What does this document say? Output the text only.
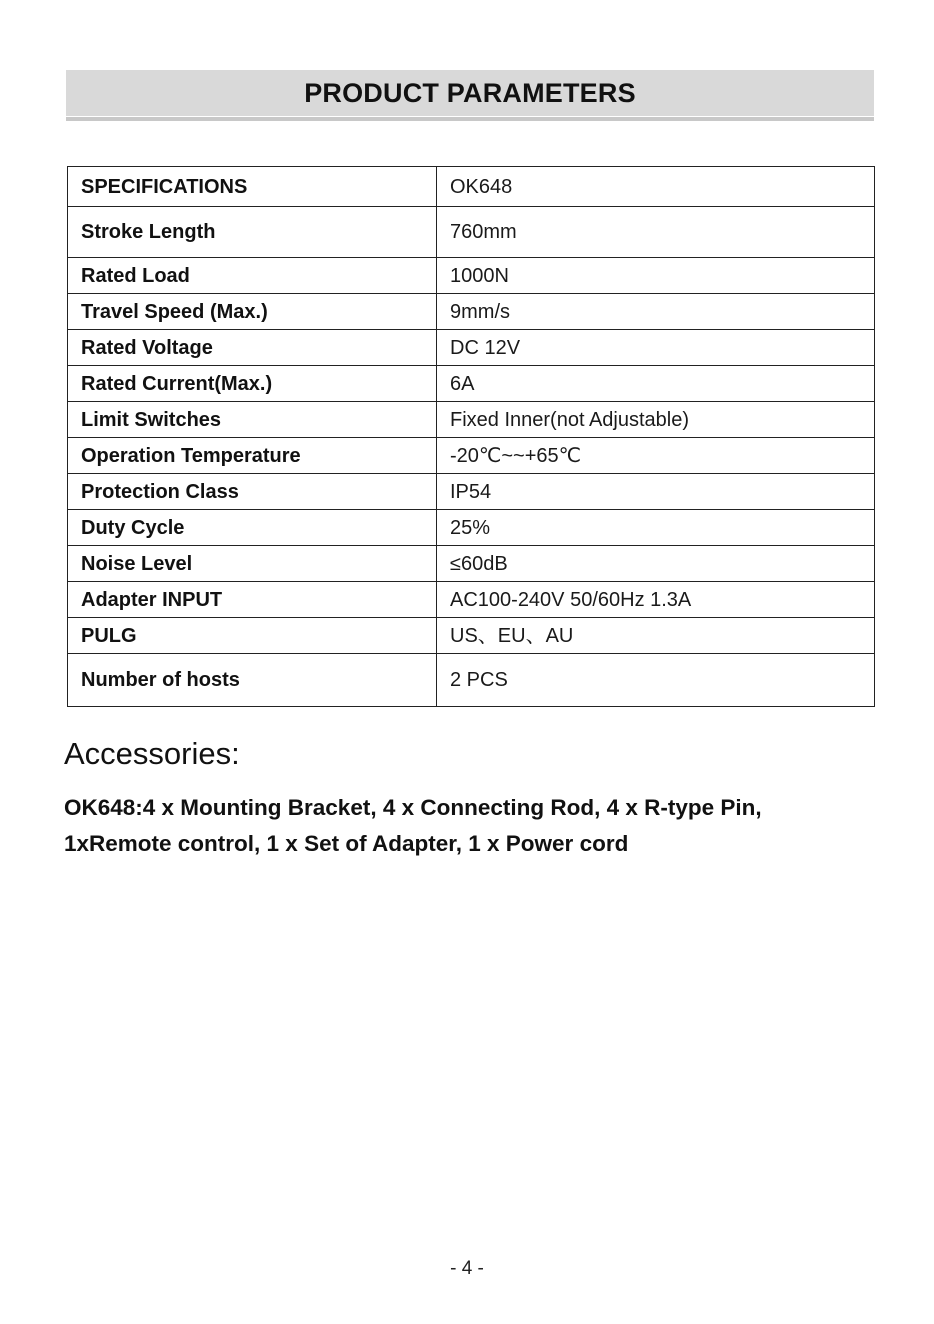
PRODUCT PARAMETERS
SPECIFICATIONS	OK648
Stroke Length	760mm
Rated Load	1000N
Travel Speed (Max.)	9mm/s
Rated Voltage	DC 12V
Rated Current(Max.)	6A
Limit Switches	Fixed Inner(not Adjustable)
Operation Temperature	-20℃~~+65℃
Protection Class	IP54
Duty Cycle	25%
Noise Level	≤60dB
Adapter INPUT	AC100-240V 50/60Hz 1.3A
PULG	US、EU、AU
Number of hosts	2 PCS
Accessories:

OK648:4 x Mounting Bracket, 4 x Connecting Rod, 4 x R-type Pin,
1xRemote control, 1 x Set of Adapter, 1 x Power cord

- 4 -
